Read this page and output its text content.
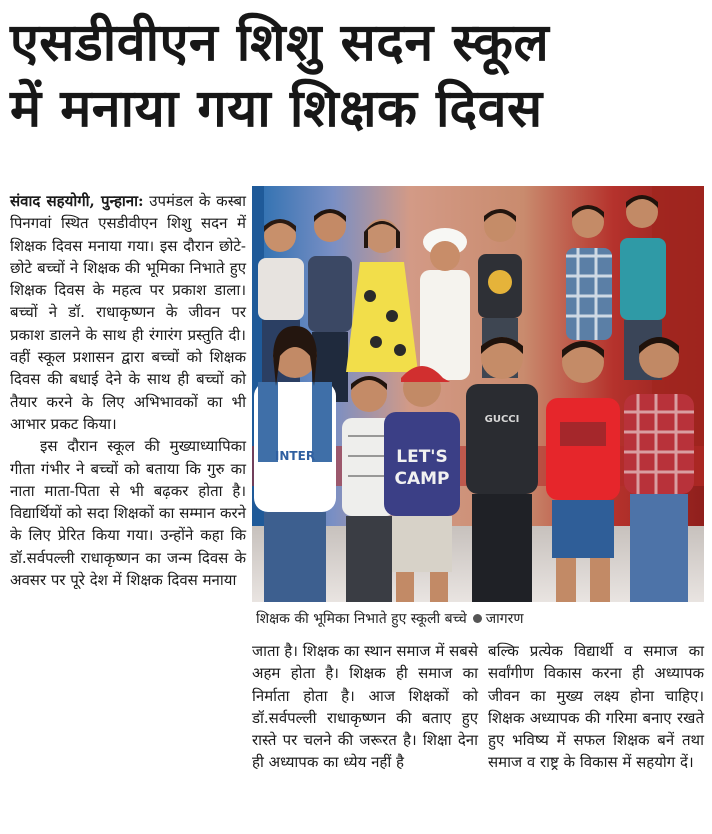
एसडीवीएन शिशु सदन स्कूल
में मनाया गया शिक्षक दिवस
संवाद सहयोगी, पुन्हाना: उपमंडल के कस्बा पिनगवां स्थित एसडीवीएन शिशु सदन में शिक्षक दिवस मनाया गया। इस दौरान छोटे-छोटे बच्चों ने शिक्षक की भूमिका निभाते हुए शिक्षक दिवस के महत्व पर प्रकाश डाला। बच्चों ने डॉ. राधाकृष्णन के जीवन पर प्रकाश डालने के साथ ही रंगारंग प्रस्तुति दी। वहीं स्कूल प्रशासन द्वारा बच्चों को शिक्षक दिवस की बधाई देने के साथ ही बच्चों को तैयार करने के लिए अभिभावकों का भी आभार प्रकट किया।
इस दौरान स्कूल की मुख्याध्यापिका गीता गंभीर ने बच्चों को बताया कि गुरु का नाता माता-पिता से भी बढ़कर होता है। विद्यार्थियों को सदा शिक्षकों का सम्मान करने के लिए प्रेरित किया गया। उन्होंने कहा कि डॉ.सर्वपल्ली राधाकृष्णन का जन्म दिवस के अवसर पर पूरे देश में शिक्षक दिवस मनाया
INTER	LET'S
CAMP
GUCCI
शिक्षक की भूमिका निभाते हुए स्कूली बच्चे जागरण
जाता है। शिक्षक का स्थान समाज में सबसे अहम होता है। शिक्षक ही समाज का निर्माता होता है। आज शिक्षकों को डॉ.सर्वपल्ली राधाकृष्णन की बताए हुए रास्ते पर चलने की जरूरत है। शिक्षा देना ही अध्यापक का ध्येय नहीं है
बल्कि प्रत्येक विद्यार्थी व समाज का सर्वांगीण विकास करना ही अध्यापक जीवन का मुख्य लक्ष्य होना चाहिए। शिक्षक अध्यापक की गरिमा बनाए रखते हुए भविष्य में सफल शिक्षक बनें तथा समाज व राष्ट्र के विकास में सहयोग दें।
